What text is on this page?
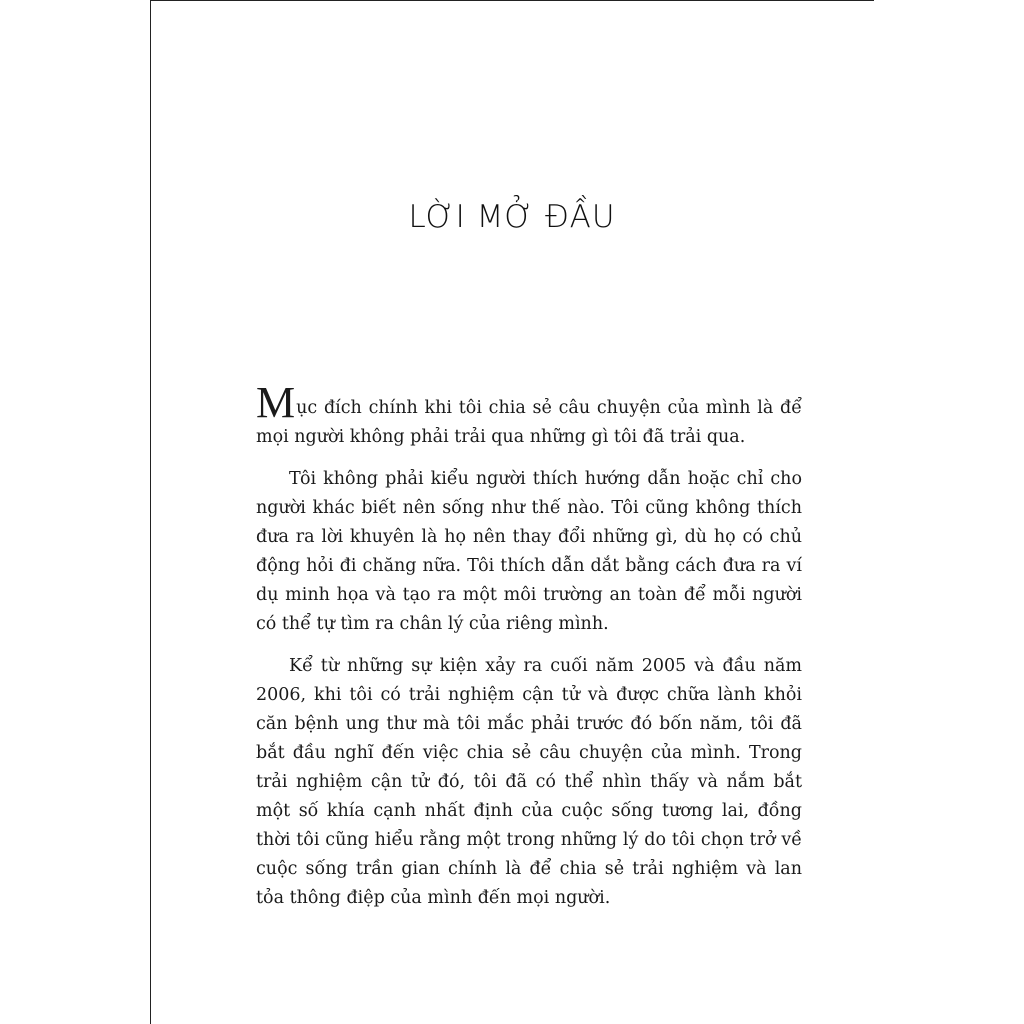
LỜI MỞ ĐẦU

Mục đích chính khi tôi chia sẻ câu chuyện của mình là để mọi người không phải trải qua những gì tôi đã trải qua.

Tôi không phải kiểu người thích hướng dẫn hoặc chỉ cho người khác biết nên sống như thế nào. Tôi cũng không thích đưa ra lời khuyên là họ nên thay đổi những gì, dù họ có chủ động hỏi đi chăng nữa. Tôi thích dẫn dắt bằng cách đưa ra ví dụ minh họa và tạo ra một môi trường an toàn để mỗi người có thể tự tìm ra chân lý của riêng mình.

Kể từ những sự kiện xảy ra cuối năm 2005 và đầu năm 2006, khi tôi có trải nghiệm cận tử và được chữa lành khỏi căn bệnh ung thư mà tôi mắc phải trước đó bốn năm, tôi đã bắt đầu nghĩ đến việc chia sẻ câu chuyện của mình. Trong trải nghiệm cận tử đó, tôi đã có thể nhìn thấy và nắm bắt một số khía cạnh nhất định của cuộc sống tương lai, đồng thời tôi cũng hiểu rằng một trong những lý do tôi chọn trở về cuộc sống trần gian chính là để chia sẻ trải nghiệm và lan tỏa thông điệp của mình đến mọi người.
